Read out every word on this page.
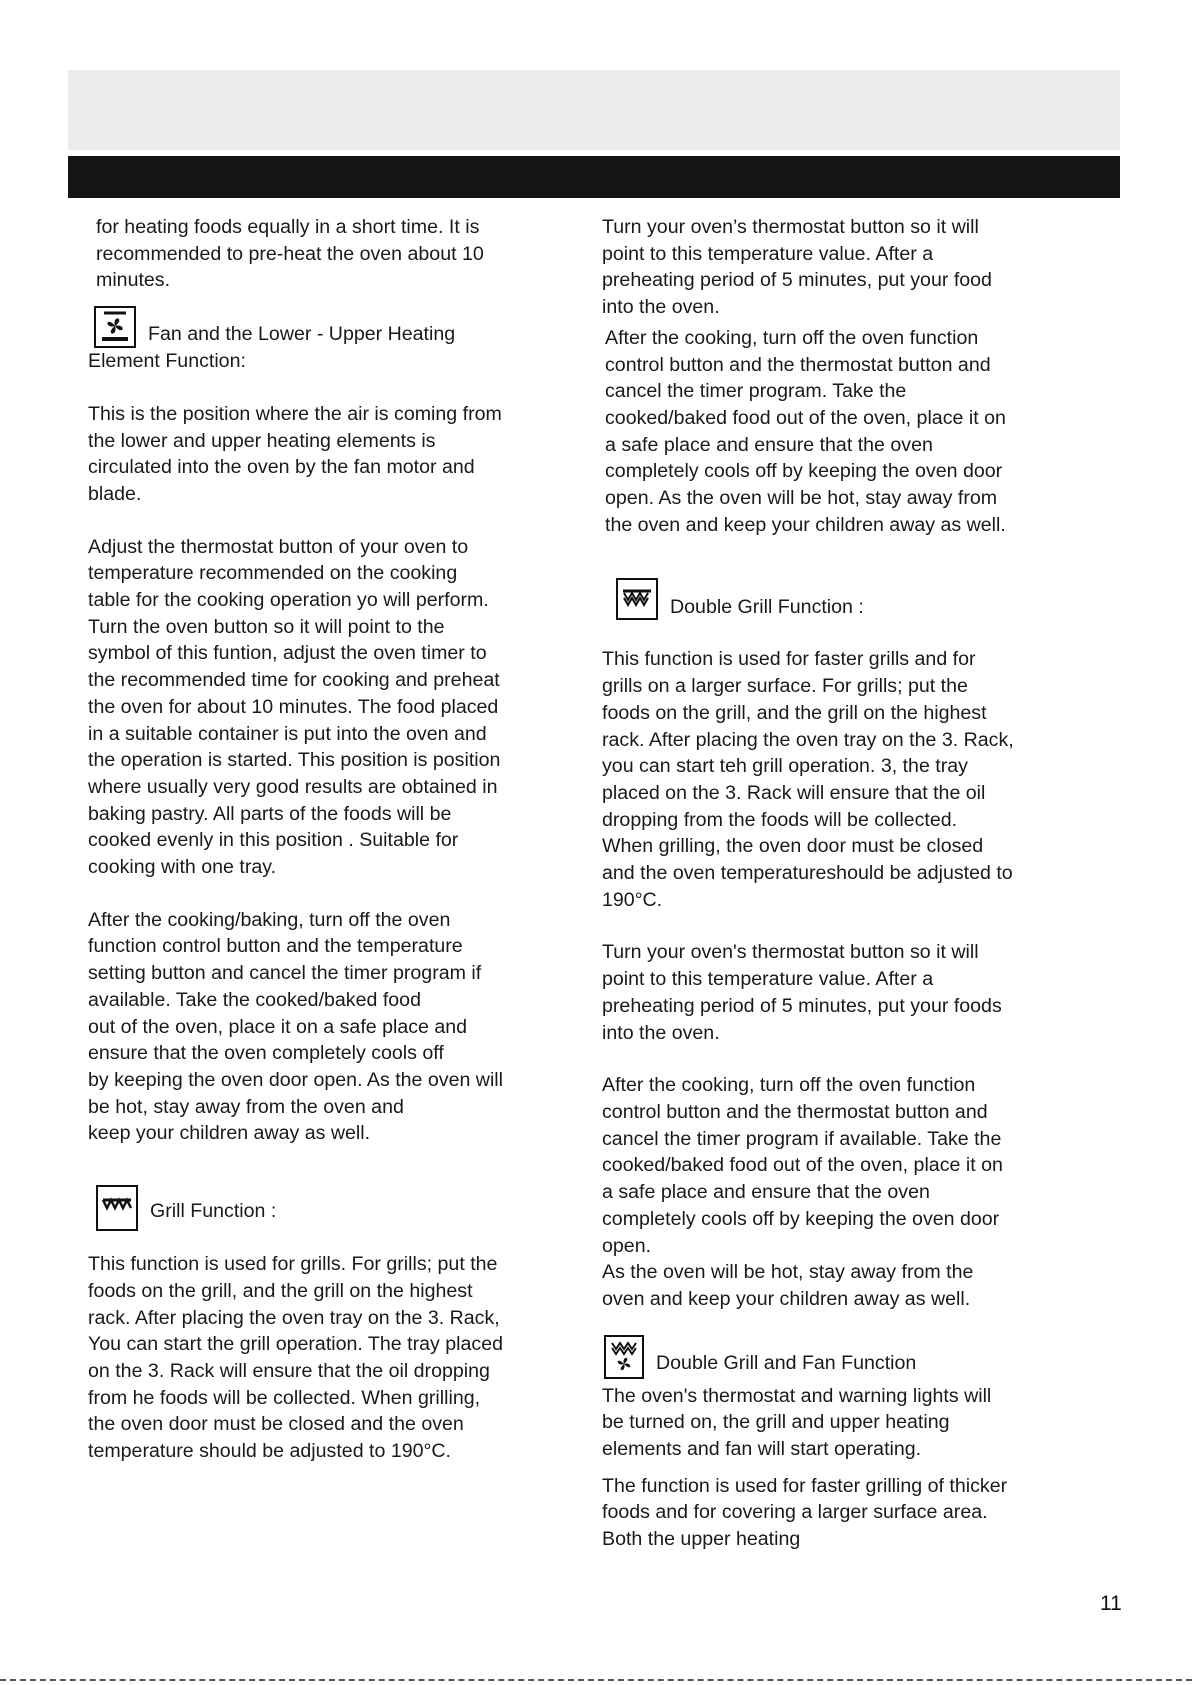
for heating foods equally in a short time. It is
recommended to pre-heat the oven about 10
minutes.

Fan and the Lower - Upper Heating

Element Function:

This is the position where the air is coming from
the lower and upper heating elements is
circulated into the oven by the fan motor and
blade.

Adjust the thermostat button of your oven to
temperature recommended on the cooking
table for the cooking operation yo will perform.
Turn the oven button so it will point to the
symbol of this funtion, adjust the oven timer to
the recommended time for cooking and preheat
the oven for about 10 minutes. The food placed
in a suitable container is put into the oven and
the operation is started. This position is position
where usually very good results are obtained in
baking pastry. All parts of the foods will be
cooked evenly in this position . Suitable for
cooking with one tray.

After the cooking/baking, turn off the oven
function control button and the temperature
setting button and cancel the timer program if
available. Take the cooked/baked food
out of the oven, place it on a safe place and
ensure that the oven completely cools off
by keeping the oven door open. As the oven will
be hot, stay away from the oven and
keep your children away as well.

Grill Function :

This function is used for grills. For grills; put the
foods on the grill, and the grill on the highest
rack. After placing the oven tray on the 3. Rack,
You can start the grill operation. The tray placed
on the 3. Rack will ensure that the oil dropping
from he foods will be collected. When grilling,
the oven door must be closed and the oven
temperature should be adjusted to 190°C.

Turn your oven’s thermostat button so it will
point to this temperature value. After a
preheating period of 5 minutes, put your food
into the oven.

After the cooking, turn off the oven function
control button and the thermostat button and
cancel the timer program. Take the
cooked/baked food out of the oven, place it on
a safe place and ensure that the oven
completely cools off by keeping the oven door
open. As the oven will be hot, stay away from
the oven and keep your children away as well.

Double Grill Function :

This function is used for faster grills and for
grills on a larger surface. For grills; put the
foods on the grill, and the grill on the highest
rack. After placing the oven tray on the 3. Rack,
you can start teh grill operation. 3, the tray
placed on the 3. Rack will ensure that the oil
dropping from the foods will be collected.
When grilling, the oven door must be closed
and the oven temperatureshould be adjusted to
190°C.

Turn your oven's thermostat button so it will
point to this temperature value. After a
preheating period of 5 minutes, put your foods
into the oven.

After the cooking, turn off the oven function
control button and the thermostat button and
cancel the timer program if available. Take the
cooked/baked food out of the oven, place it on
a safe place and ensure that the oven
completely cools off by keeping the oven door
open.

As the oven will be hot, stay away from the
oven and keep your children away as well.

Double Grill and Fan Function

The oven's thermostat and warning lights will
be turned on, the grill and upper heating
elements and fan will start operating.

The function is used for faster grilling of thicker
foods and for covering a larger surface area.
Both the upper heating

11
